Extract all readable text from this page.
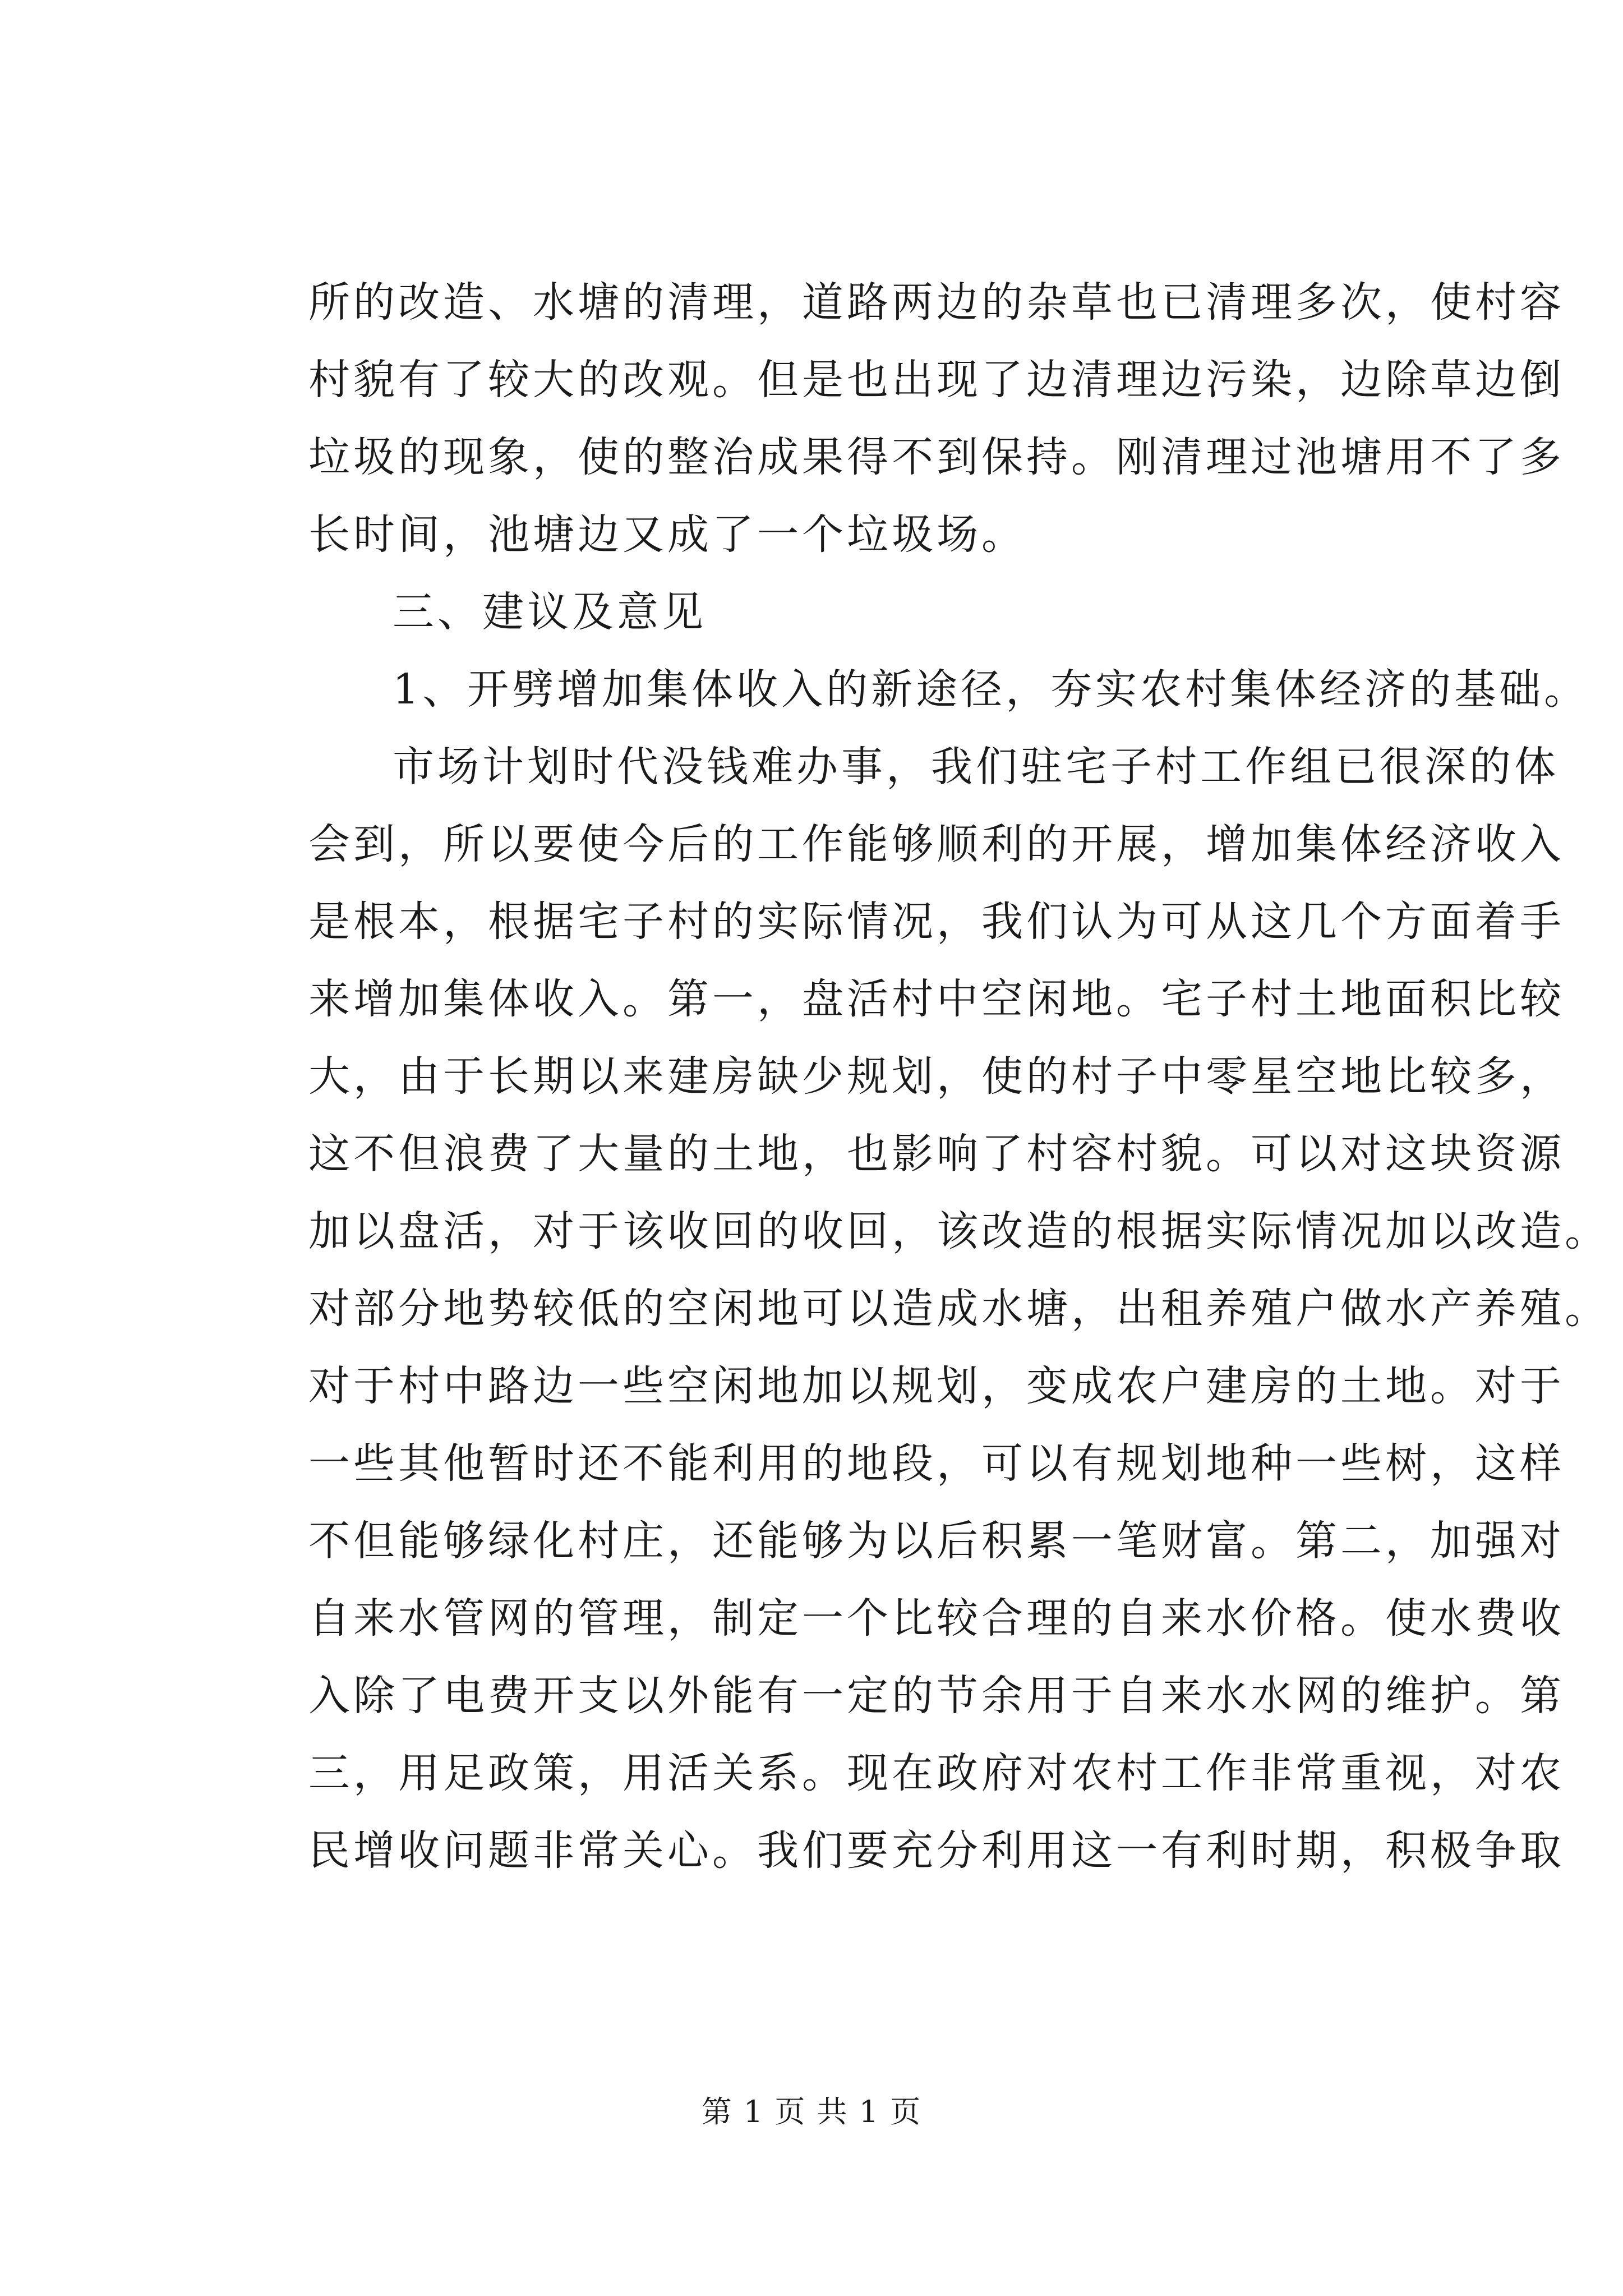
所的改造、水塘的清理，道路两边的杂草也已清理多次，使村容
村貌有了较大的改观。但是也出现了边清理边污染，边除草边倒
垃圾的现象，使的整治成果得不到保持。刚清理过池塘用不了多
长时间，池塘边又成了一个垃圾场。
三、建议及意见
1、开劈增加集体收入的新途径，夯实农村集体经济的基础。
市场计划时代没钱难办事，我们驻宅子村工作组已很深的体
会到，所以要使今后的工作能够顺利的开展，增加集体经济收入
是根本，根据宅子村的实际情况，我们认为可从这几个方面着手
来增加集体收入。第一，盘活村中空闲地。宅子村土地面积比较
大，由于长期以来建房缺少规划，使的村子中零星空地比较多，
这不但浪费了大量的土地，也影响了村容村貌。可以对这块资源
加以盘活，对于该收回的收回，该改造的根据实际情况加以改造。
对部分地势较低的空闲地可以造成水塘，出租养殖户做水产养殖。
对于村中路边一些空闲地加以规划，变成农户建房的土地。对于
一些其他暂时还不能利用的地段，可以有规划地种一些树，这样
不但能够绿化村庄，还能够为以后积累一笔财富。第二，加强对
自来水管网的管理，制定一个比较合理的自来水价格。使水费收
入除了电费开支以外能有一定的节余用于自来水水网的维护。第
三，用足政策，用活关系。现在政府对农村工作非常重视，对农
民增收问题非常关心。我们要充分利用这一有利时期，积极争取
第 1 页 共 1 页
